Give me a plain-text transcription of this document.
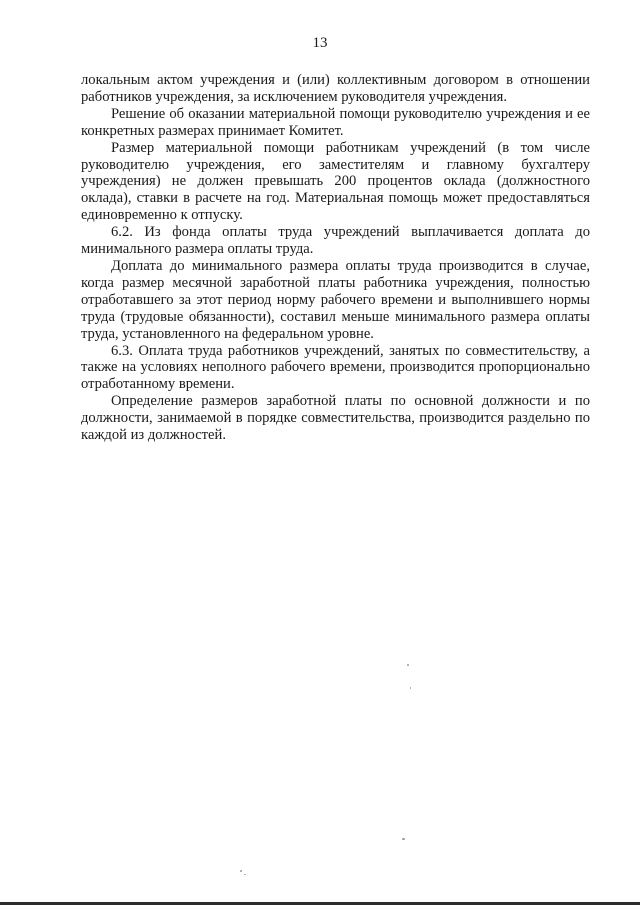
13

локальным актом учреждения и (или) коллективным договором в отношении работников учреждения, за исключением руководителя учреждения.

Решение об оказании материальной помощи руководителю учреждения и ее конкретных размерах принимает Комитет.

Размер материальной помощи работникам учреждений (в том числе руководителю учреждения, его заместителям и главному бухгалтеру учреждения) не должен превышать 200 процентов оклада (должностного оклада), ставки в расчете на год. Материальная помощь может предоставляться единовременно к отпуску.

6.2. Из фонда оплаты труда учреждений выплачивается доплата до минимального размера оплаты труда.

Доплата до минимального размера оплаты труда производится в случае, когда размер месячной заработной платы работника учреждения, полностью отработавшего за этот период норму рабочего времени и выполнившего нормы труда (трудовые обязанности), составил меньше минимального размера оплаты труда, установленного на федеральном уровне.

6.3. Оплата труда работников учреждений, занятых по совместительству, а также на условиях неполного рабочего времени, производится пропорционально отработанному времени.

Определение размеров заработной платы по основной должности и по должности, занимаемой в порядке совместительства, производится раздельно по каждой из должностей.
